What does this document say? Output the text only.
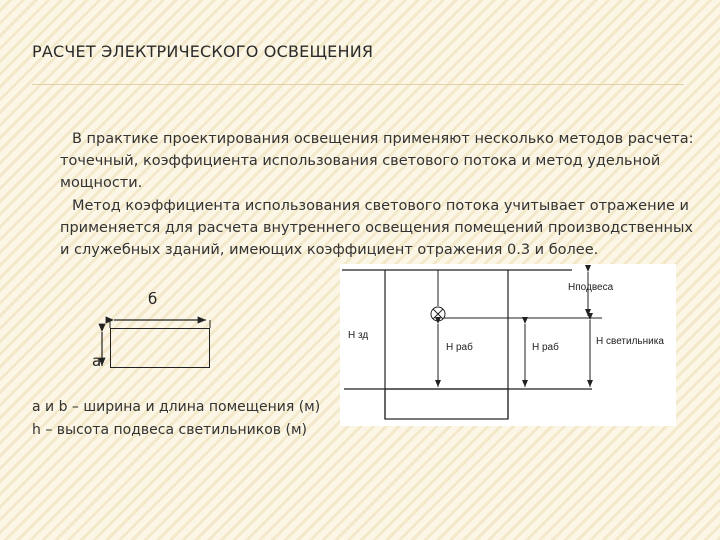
РАСЧЕТ ЭЛЕКТРИЧЕСКОГО ОСВЕЩЕНИЯ

В практике проектирования освещения применяют несколько методов расчета: точечный, коэффициента использования светового потока и метод удельной мощности.

Метод коэффициента использования светового потока учитывает отражение и применяется для расчета внутреннего освещения помещений производственных и служебных зданий, имеющих коэффициент отражения 0.3 и более.

б
а
Нподвеса
Н зд
Н раб	Н раб
Н светильника
а и b – ширина и длина помещения (м)
h – высота подвеса светильников (м)
